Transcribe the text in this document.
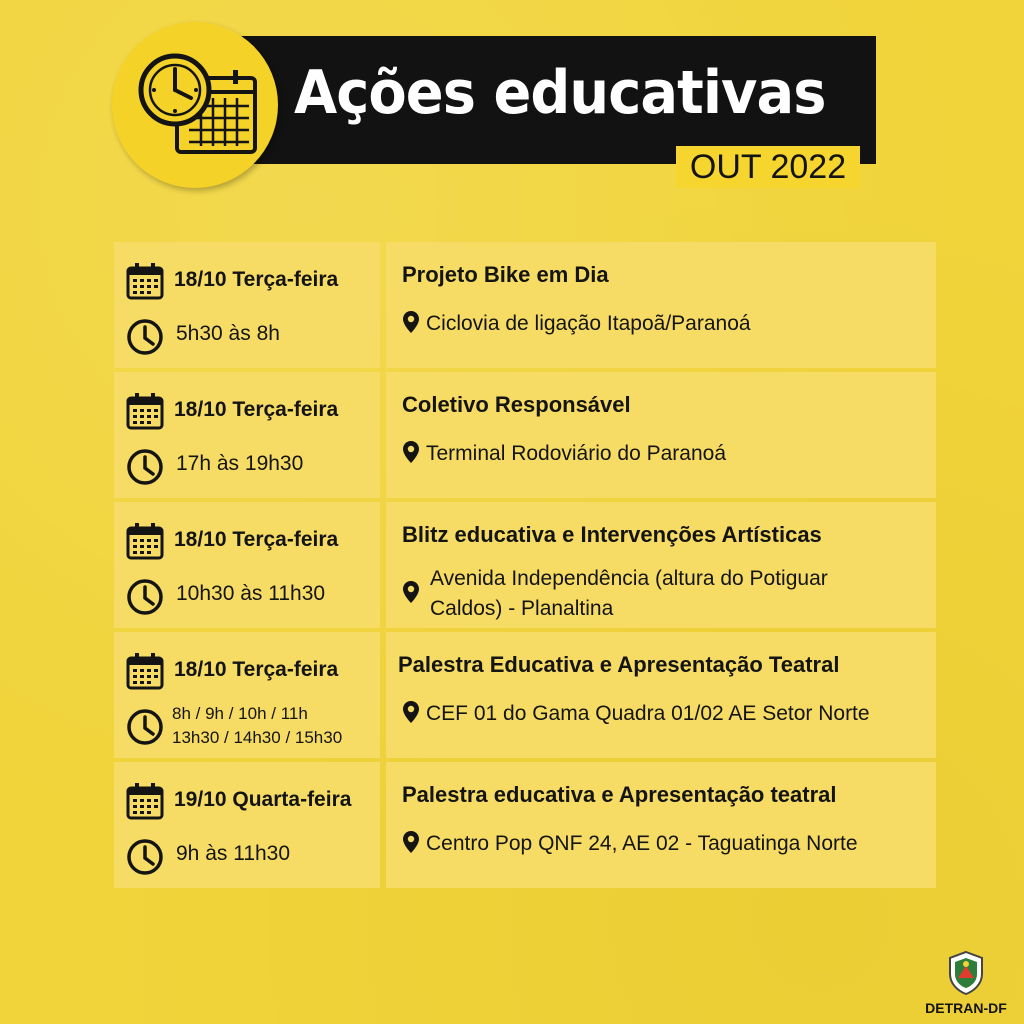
Ações educativas
OUT 2022
18/10 Terça-feira
5h30 às 8h
Projeto Bike em Dia
Ciclovia de ligação Itapoã/Paranoá
18/10 Terça-feira
17h às 19h30
Coletivo Responsável
Terminal Rodoviário do Paranoá
18/10 Terça-feira
10h30 às 11h30
Blitz educativa e Intervenções Artísticas
Avenida Independência (altura do Potiguar
Caldos) - Planaltina
18/10 Terça-feira
8h / 9h / 10h / 11h
13h30 / 14h30 / 15h30
Palestra Educativa e Apresentação Teatral
CEF 01 do Gama Quadra 01/02 AE Setor Norte
19/10 Quarta-feira
9h às 11h30
Palestra educativa e Apresentação teatral
Centro Pop QNF 24, AE 02 - Taguatinga Norte
DETRAN-DF
